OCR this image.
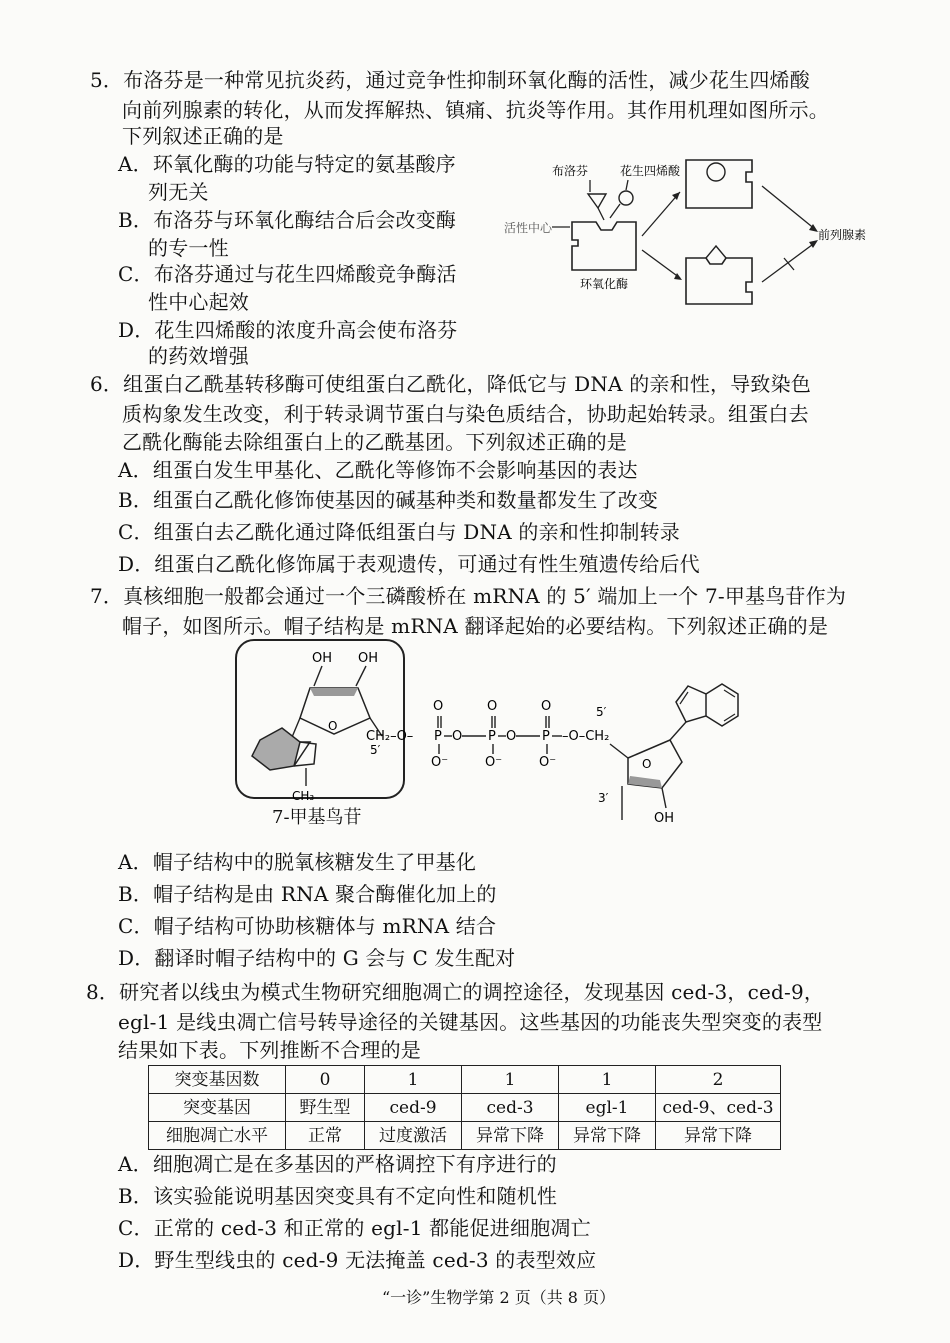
5．布洛芬是一种常见抗炎药，通过竞争性抑制环氧化酶的活性，减少花生四烯酸
向前列腺素的转化，从而发挥解热、镇痛、抗炎等作用。其作用机理如图所示。
下列叙述正确的是
A．环氧化酶的功能与特定的氨基酸序
列无关
B．布洛芬与环氧化酶结合后会改变酶
的专一性
C．布洛芬通过与花生四烯酸竞争酶活
性中心起效
D．花生四烯酸的浓度升高会使布洛芬
的药效增强
布洛芬	花生四烯酸
活性中心
环氧化酶
前列腺素
6．组蛋白乙酰基转移酶可使组蛋白乙酰化，降低它与 DNA 的亲和性，导致染色
质构象发生改变，利于转录调节蛋白与染色质结合，协助起始转录。组蛋白去
乙酰化酶能去除组蛋白上的乙酰基团。下列叙述正确的是
A．组蛋白发生甲基化、乙酰化等修饰不会影响基因的表达
B．组蛋白乙酰化修饰使基因的碱基种类和数量都发生了改变
C．组蛋白去乙酰化通过降低组蛋白与 DNA 的亲和性抑制转录
D．组蛋白乙酰化修饰属于表观遗传，可通过有性生殖遗传给后代
7．真核细胞一般都会通过一个三磷酸桥在 mRNA 的 5′ 端加上一个 7-甲基鸟苷作为
帽子，如图所示。帽子结构是 mRNA 翻译起始的必要结构。下列叙述正确的是
OH OH
O
CH₃
5′
CH₂–O– P
O
O⁻
O P
O
O⁻
O P
O
O⁻
–O–CH₂
5′
O
3′
OH
7-甲基鸟苷
A．帽子结构中的脱氧核糖发生了甲基化
B．帽子结构是由 RNA 聚合酶催化加上的
C．帽子结构可协助核糖体与 mRNA 结合
D．翻译时帽子结构中的 G 会与 C 发生配对
8．研究者以线虫为模式生物研究细胞凋亡的调控途径，发现基因 ced-3，ced-9，
egl-1 是线虫凋亡信号转导途径的关键基因。这些基因的功能丧失型突变的表型
结果如下表。下列推断不合理的是
突变基因数	0	1	1	1	2
突变基因	野生型	ced-9	ced-3	egl-1	ced-9、ced-3
细胞凋亡水平	正常	过度激活	异常下降	异常下降	异常下降
A．细胞凋亡是在多基因的严格调控下有序进行的
B．该实验能说明基因突变具有不定向性和随机性
C．正常的 ced-3 和正常的 egl-1 都能促进细胞凋亡
D．野生型线虫的 ced-9 无法掩盖 ced-3 的表型效应
“一诊”生物学第 2 页（共 8 页）
